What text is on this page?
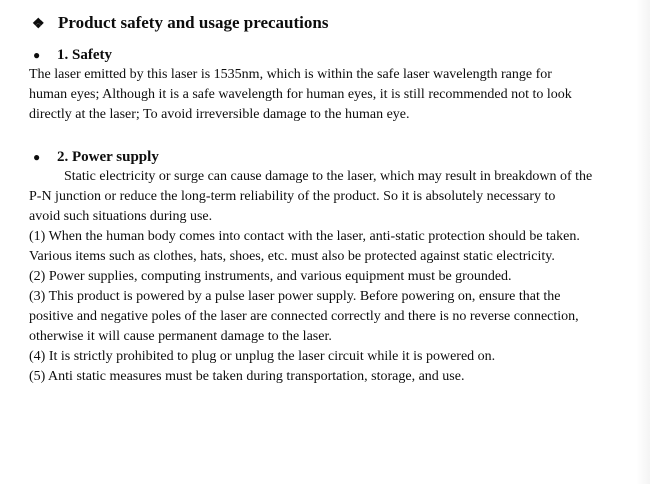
❖ Product safety and usage precautions
●	1. Safety
The laser emitted by this laser is 1535nm, which is within the safe laser wavelength range for
human eyes; Although it is a safe wavelength for human eyes, it is still recommended not to look
directly at the laser; To avoid irreversible damage to the human eye.
●	2. Power supply
Static electricity or surge can cause damage to the laser, which may result in breakdown of the
P-N junction or reduce the long-term reliability of the product. So it is absolutely necessary to
avoid such situations during use.
(1) When the human body comes into contact with the laser, anti-static protection should be taken.
Various items such as clothes, hats, shoes, etc. must also be protected against static electricity.
(2) Power supplies, computing instruments, and various equipment must be grounded.
(3) This product is powered by a pulse laser power supply. Before powering on, ensure that the
positive and negative poles of the laser are connected correctly and there is no reverse connection,
otherwise it will cause permanent damage to the laser.
(4) It is strictly prohibited to plug or unplug the laser circuit while it is powered on.
(5) Anti static measures must be taken during transportation, storage, and use.
